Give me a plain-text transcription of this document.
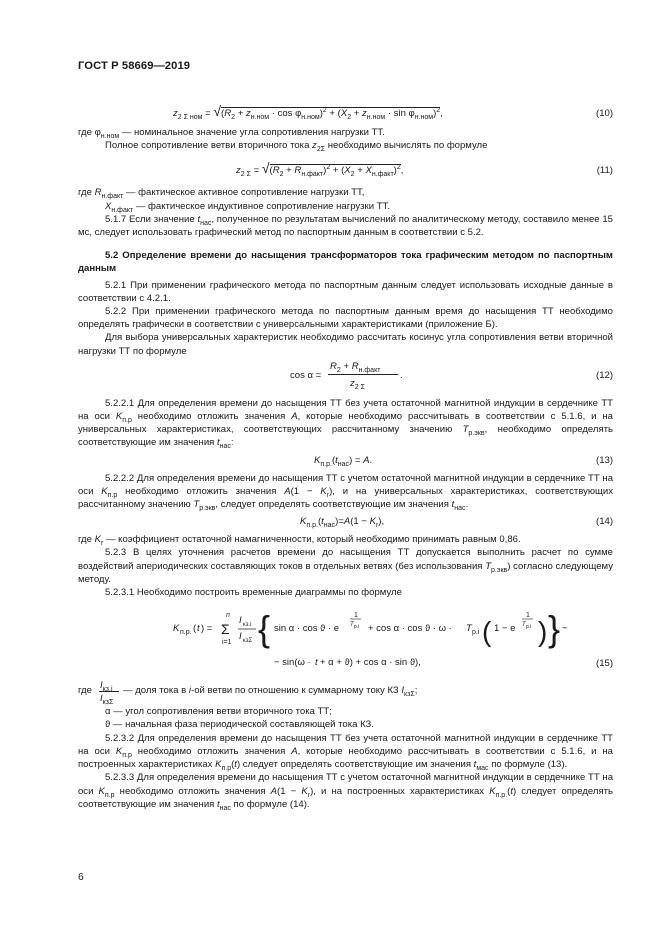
ГОСТ Р 58669—2019
$z_{2 \Sigma ном} = √(R_2 + z_{н.ном} \cdot \cos \varphi_{н.ном})^2 + (X_2 + z_{н.ном} \cdot \sin \varphi_{н.ном})^2$,	(10)

где $\varphi_{н.ном}$ — номинальное значение угла сопротивления нагрузки ТТ.

Полное сопротивление ветви вторичного тока $z_{2\Sigma}$ необходимо вычислять по формуле

$z_{2 \Sigma} = √(R_2 + R_{н.факт})^2 + (X_2 + X_{н.факт})^2$,	(11)

где $R_{н.факт}$ — фактическое активное сопротивление нагрузки ТТ,

$X_{н.факт}$ — фактическое индуктивное сопротивление нагрузки ТТ.

5.1.7 Если значение $t_{нас}$, полученное по результатам вычислений по аналитическому методу, составило менее 15 мс, следует использовать графический метод по паспортным данным в соответствии с 5.2.

5.2 Определение времени до насыщения трансформаторов тока графическим методом по паспортным данным

5.2.1 При применении графического метода по паспортным данным следует использовать исходные данные в соответствии с 4.2.1.

5.2.2 При применении графического метода по паспортным данным время до насыщения ТТ необходимо определять графически в соответствии с универсальными характеристиками (приложение Б).

Для выбора универсальных характеристик необходимо рассчитать косинус угла сопротивления ветви вторичной нагрузки ТТ по формуле

cos α =
$R_2 + R_{н.факт}$
$z_{2 \Sigma}$
.	(12)

5.2.2.1 Для определения времени до насыщения ТТ без учета остаточной магнитной индукции в сердечнике ТТ на оси $K_{п.р}$ необходимо отложить значения A, которые необходимо рассчитывать в соответствии с 5.1.6, и на универсальных характеристиках, соответствующих рассчитанному значению $T_{р.экв}$, необходимо определять соответствующие им значения $t_{нас}$:

$K_{п.р.}(t_{нас}) = A$.	(13)

5.2.2.2 Для определения времени до насыщения ТТ с учетом остаточной магнитной индукции в сердечнике ТТ на оси $K_{п.р}$ необходимо отложить значения $A(1 - K_r)$, и на универсальных характеристиках, соответствующих рассчитанному значению $T_{р.экв}$, следует определять соответствующие им значения $t_{нас}$.

$K_{п.р.}(t_{нас})=A(1 - K_r)$,	(14)

где $K_r$ — коэффициент остаточной намагниченности, который необходимо принимать равным 0,86.

5.2.3 В целях уточнения расчетов времени до насыщения ТТ допускается выполнить расчет по сумме воздействий апериодических составляющих токов в отдельных ветвях (без использования $T_{р.экв}$) согласно следующему методу.

5.2.3.1 Необходимо построить временные диаграммы по формуле

K п.р. ( t ) =
n
Σ
i=1
I кз.i
I кзΣ { sin α · cos ϑ · e
1
T р.i + cos α · cos ϑ · ω · T р.i ( 1 − e
1
T р.i ) } −
− sin(ω · t + α + ϑ) + cos α · sin ϑ),	(15)
где $I_{кз.i}$
$I_{кз\Sigma}$
— доля тока в i-ой ветви по отношению к суммарному току КЗ $I_{кз\Sigma}$;

α — угол сопротивления ветви вторичного тока ТТ;

ϑ — начальная фаза периодической составляющей тока КЗ.

5.2.3.2 Для определения времени до насыщения ТТ без учета остаточной магнитной индукции в сердечнике ТТ на оси $K_{п.р}$ необходимо отложить значения A, которые необходимо рассчитывать в соответствии с 5.1.6, и на построенных характеристиках $K_{п.р}(t)$ следует определять соответствующие им значения $t_{мас}$ по формуле (13).

5.2.3.3 Для определения времени до насыщения ТТ с учетом остаточной магнитной индукции в сердечнике ТТ на оси $K_{п.р}$ необходимо отложить значения $A(1 - K_r)$, и на построенных характеристиках $K_{п.р.}(t)$ следует определять соответствующие им значения $t_{нас}$ по формуле (14).

6
